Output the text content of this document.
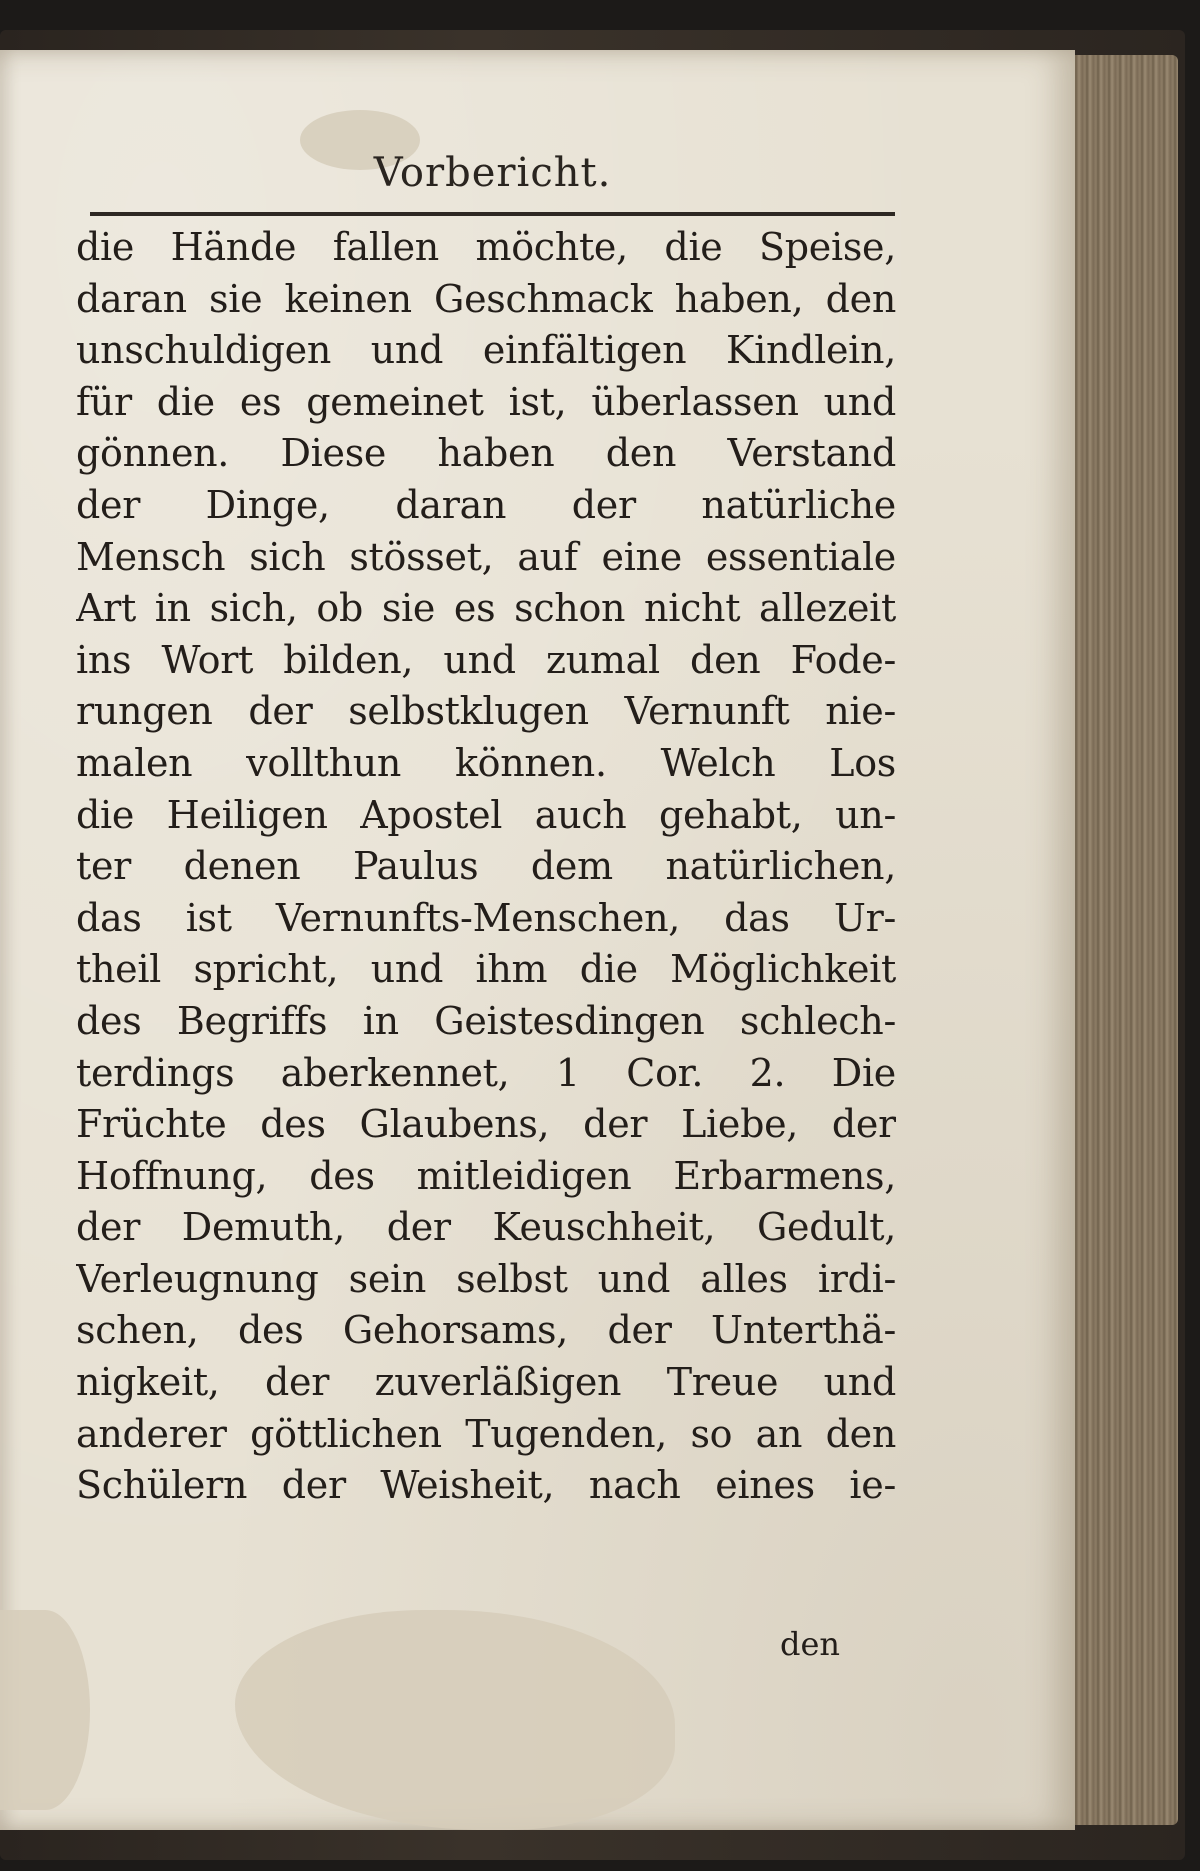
Vorbericht.
die Hände fallen möchte, die Speise,
daran sie keinen Geschmack haben, den
unschuldigen und einfältigen Kindlein,
für die es gemeinet ist, überlassen und
gönnen. Diese haben den Verstand
der Dinge, daran der natürliche
Mensch sich stösset, auf eine essentiale
Art in sich, ob sie es schon nicht allezeit
ins Wort bilden, und zumal den Fode-
rungen der selbstklugen Vernunft nie-
malen vollthun können. Welch Los
die Heiligen Apostel auch gehabt, un-
ter denen Paulus dem natürlichen,
das ist Vernunfts-Menschen, das Ur-
theil spricht, und ihm die Möglichkeit
des Begriffs in Geistesdingen schlech-
terdings aberkennet, 1 Cor. 2. Die
Früchte des Glaubens, der Liebe, der
Hoffnung, des mitleidigen Erbarmens,
der Demuth, der Keuschheit, Gedult,
Verleugnung sein selbst und alles irdi-
schen, des Gehorsams, der Unterthä-
nigkeit, der zuverläßigen Treue und
anderer göttlichen Tugenden, so an den
Schülern der Weisheit, nach eines ie-
den
